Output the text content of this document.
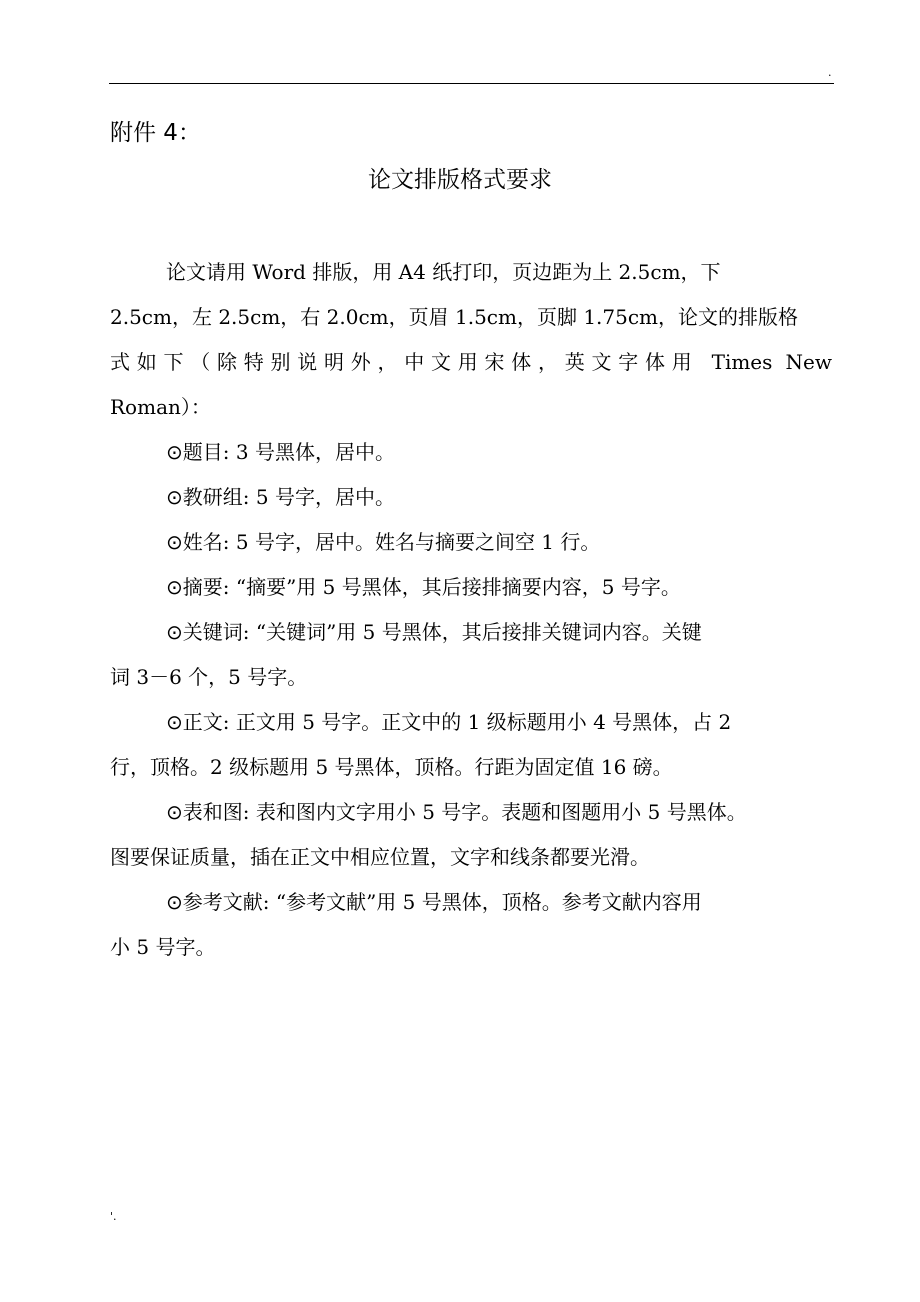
.
附件 4：
论文排版格式要求
论文请用 Word 排版，用 A4 纸打印，页边距为上 2.5cm，下
2.5cm，左 2.5cm，右 2.0cm，页眉 1.5cm，页脚 1.75cm，论文的排版格
式如下（除特别说明外，中文用宋体，英文字体用 Times New
Roman）：
⊙题目: 3 号黑体，居中。
⊙教研组: 5 号字，居中。
⊙姓名: 5 号字，居中。姓名与摘要之间空 1 行。
⊙摘要: “摘要”用 5 号黑体，其后接排摘要内容，5 号字。
⊙关键词: “关键词”用 5 号黑体，其后接排关键词内容。关键
词 3－6 个，5 号字。
⊙正文: 正文用 5 号字。正文中的 1 级标题用小 4 号黑体，占 2
行，顶格。2 级标题用 5 号黑体，顶格。行距为固定值 16 磅。
⊙表和图: 表和图内文字用小 5 号字。表题和图题用小 5 号黑体。
图要保证质量，插在正文中相应位置，文字和线条都要光滑。
⊙参考文献: “参考文献”用 5 号黑体，顶格。参考文献内容用
小 5 号字。
'.
